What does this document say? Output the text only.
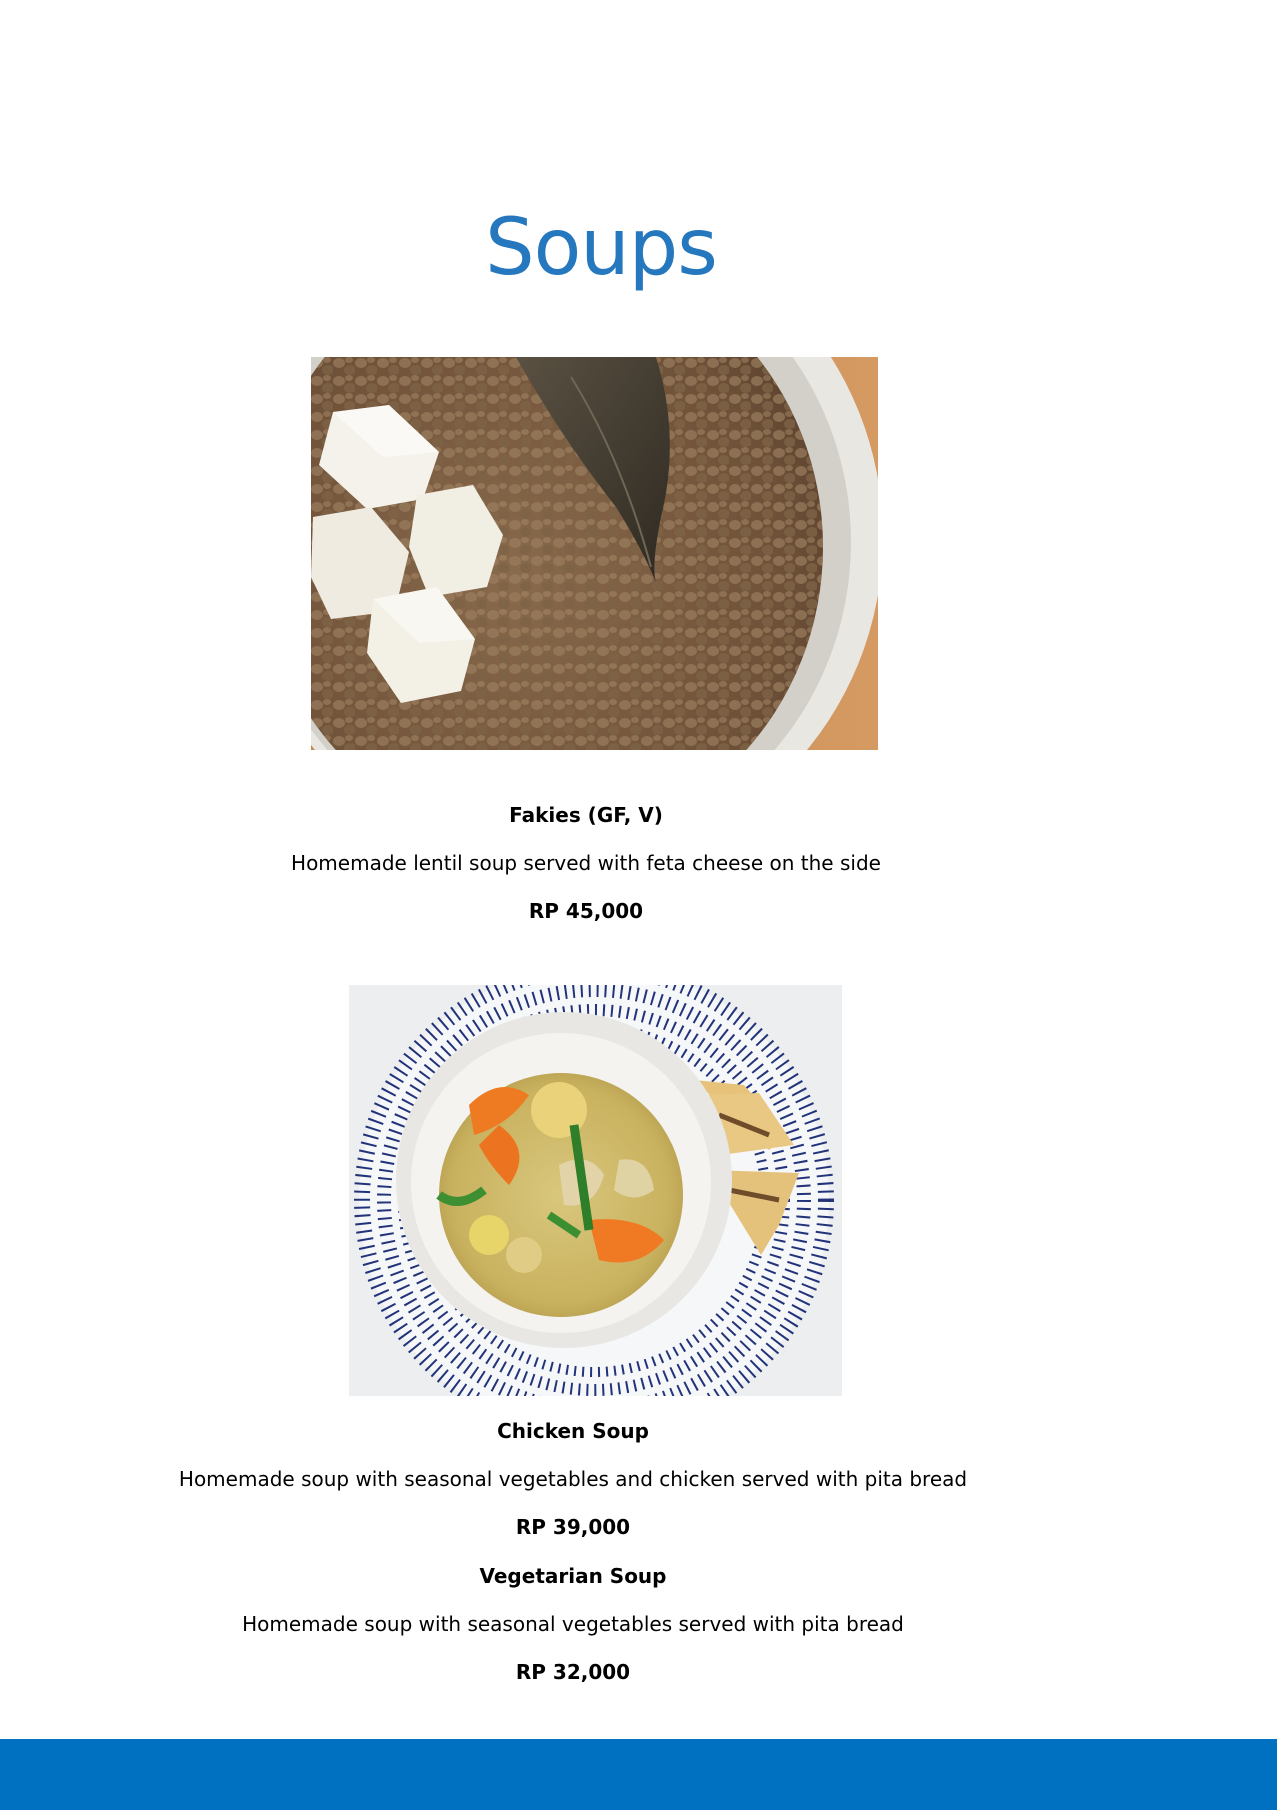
Soups
Fakies (GF, V)
Homemade lentil soup served with feta cheese on the side
RP 45,000
Chicken Soup
Homemade soup with seasonal vegetables and chicken served with pita bread
RP 39,000
Vegetarian Soup
Homemade soup with seasonal vegetables served with pita bread
RP 32,000
